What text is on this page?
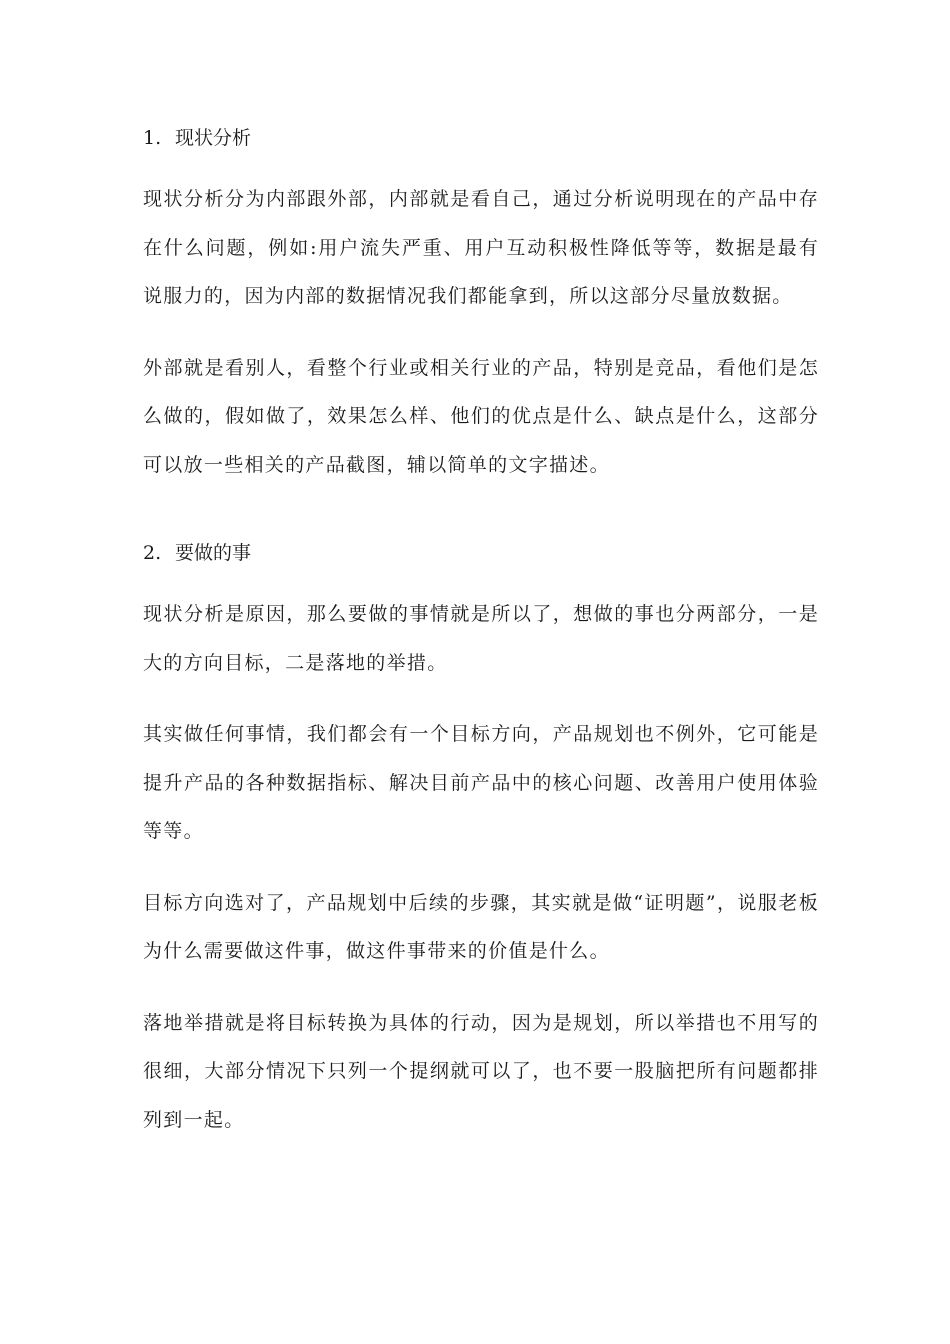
1. 现状分析

现状分析分为内部跟外部，内部就是看自己，通过分析说明现在的产品中存在什么问题，例如:用户流失严重、用户互动积极性降低等等，数据是最有说服力的，因为内部的数据情况我们都能拿到，所以这部分尽量放数据。

外部就是看别人，看整个行业或相关行业的产品，特别是竞品，看他们是怎么做的，假如做了，效果怎么样、他们的优点是什么、缺点是什么，这部分可以放一些相关的产品截图，辅以简单的文字描述。

2. 要做的事

现状分析是原因，那么要做的事情就是所以了，想做的事也分两部分，一是大的方向目标，二是落地的举措。

其实做任何事情，我们都会有一个目标方向，产品规划也不例外，它可能是提升产品的各种数据指标、解决目前产品中的核心问题、改善用户使用体验等等。

目标方向选对了，产品规划中后续的步骤，其实就是做“证明题”，说服老板为什么需要做这件事，做这件事带来的价值是什么。

落地举措就是将目标转换为具体的行动，因为是规划，所以举措也不用写的很细，大部分情况下只列一个提纲就可以了，也不要一股脑把所有问题都排列到一起。
